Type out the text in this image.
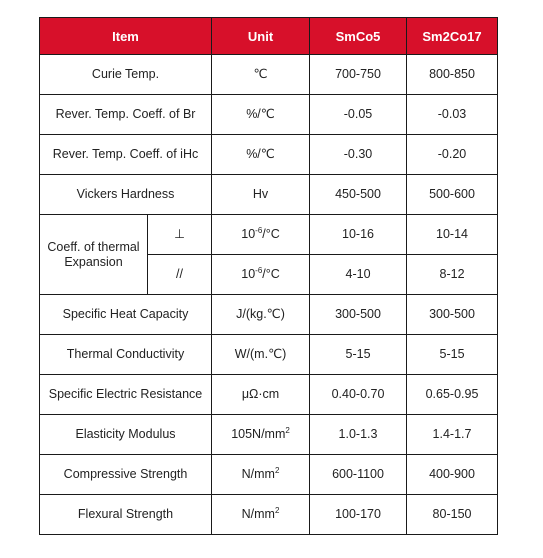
Item		Unit	SmCo5	Sm2Co17
Curie Temp.		℃	700-750	800-850
Rever. Temp. Coeff. of Br		%/℃	-0.05	-0.03
Rever. Temp. Coeff. of iHc		%/℃	-0.30	-0.20
Vickers Hardness		Hv	450-500	500-600
Coeff. of thermal Expansion	⊥	$10^{-6}/^\circ C$	10-16	10-14
	//	$10^{-6}/^\circ C$	4-10	8-12
Specific Heat Capacity		J/(kg.℃)	300-500	300-500
Thermal Conductivity		W/(m.℃)	5-15	5-15
Specific Electric Resistance		μΩ·cm	0.40-0.70	0.65-0.95
Elasticity Modulus		$105N/mm^2$	1.0-1.3	1.4-1.7
Compressive Strength		$N/mm^2$	600-1100	400-900
Flexural Strength		$N/mm^2$	100-170	80-150
